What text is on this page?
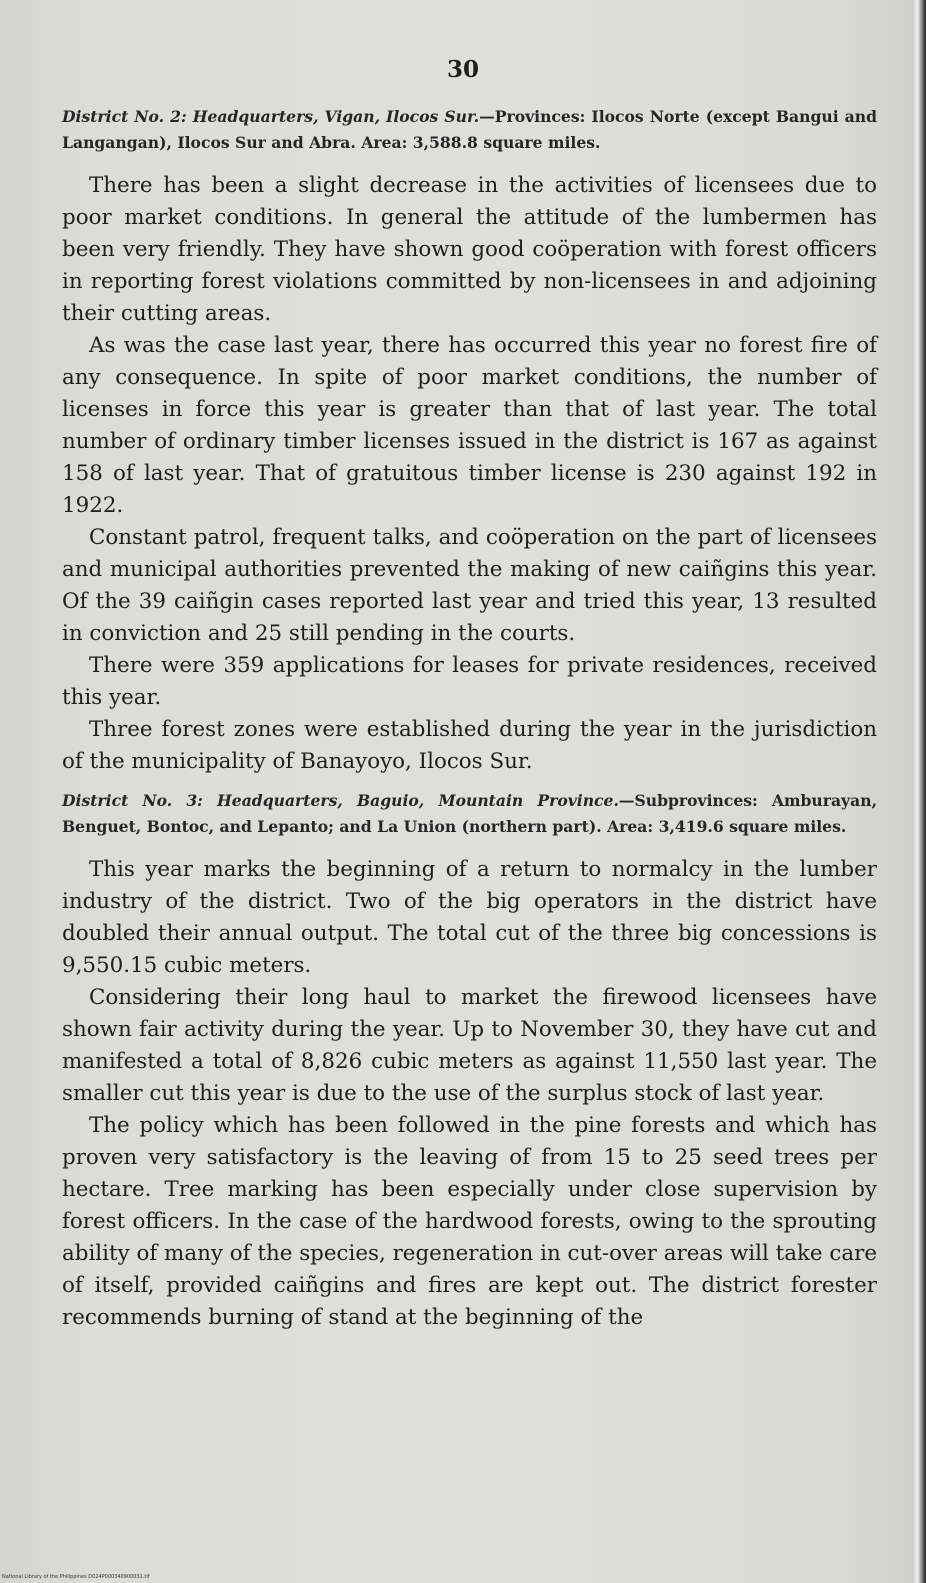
30

District No. 2: Headquarters, Vigan, Ilocos Sur.—Provinces: Ilocos Norte (except Bangui and Langangan), Ilocos Sur and Abra. Area: 3,588.8 square miles.

There has been a slight decrease in the activities of licensees due to poor market conditions. In general the attitude of the lumbermen has been very friendly. They have shown good coöperation with forest officers in reporting forest violations committed by non-licensees in and adjoining their cutting areas.

As was the case last year, there has occurred this year no forest fire of any consequence. In spite of poor market conditions, the number of licenses in force this year is greater than that of last year. The total number of ordinary timber licenses issued in the district is 167 as against 158 of last year. That of gratuitous timber license is 230 against 192 in 1922.

Constant patrol, frequent talks, and coöperation on the part of licensees and municipal authorities prevented the making of new caiñgins this year. Of the 39 caiñgin cases reported last year and tried this year, 13 resulted in conviction and 25 still pending in the courts.

There were 359 applications for leases for private residences, received this year.

Three forest zones were established during the year in the jurisdiction of the municipality of Banayoyo, Ilocos Sur.

District No. 3: Headquarters, Baguio, Mountain Province.—Subprovinces: Amburayan, Benguet, Bontoc, and Lepanto; and La Union (northern part). Area: 3,419.6 square miles.

This year marks the beginning of a return to normalcy in the lumber industry of the district. Two of the big operators in the district have doubled their annual output. The total cut of the three big concessions is 9,550.15 cubic meters.

Considering their long haul to market the firewood licensees have shown fair activity during the year. Up to November 30, they have cut and manifested a total of 8,826 cubic meters as against 11,550 last year. The smaller cut this year is due to the use of the surplus stock of last year.

The policy which has been followed in the pine forests and which has proven very satisfactory is the leaving of from 15 to 25 seed trees per hectare. Tree marking has been especially under close supervision by forest officers. In the case of the hardwood forests, owing to the sprouting ability of many of the species, regeneration in cut-over areas will take care of itself, provided caiñgins and fires are kept out. The district forester recommends burning of stand at the beginning of the

National Library of the Philippines D024P000340900031.tif
